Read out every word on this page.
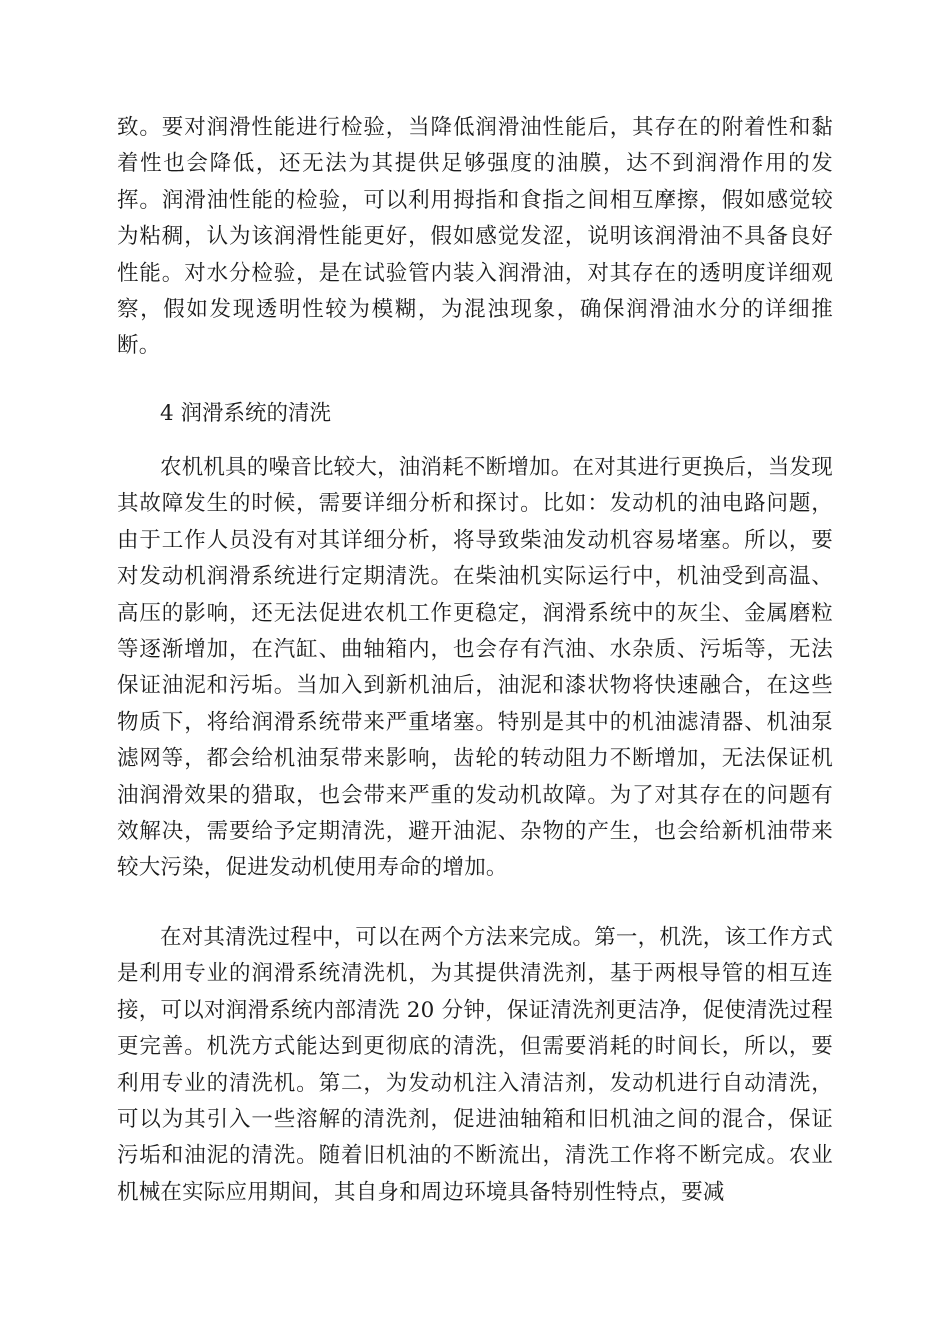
致。要对润滑性能进行检验，当降低润滑油性能后，其存在的附着性和黏着性也会降低，还无法为其提供足够强度的油膜，达不到润滑作用的发挥。润滑油性能的检验，可以利用拇指和食指之间相互摩擦，假如感觉较为粘稠，认为该润滑性能更好，假如感觉发涩，说明该润滑油不具备良好性能。对水分检验，是在试验管内装入润滑油，对其存在的透明度详细观察，假如发现透明性较为模糊，为混浊现象，确保润滑油水分的详细推断。

4 润滑系统的清洗

农机机具的噪音比较大，油消耗不断增加。在对其进行更换后，当发现其故障发生的时候，需要详细分析和探讨。比如：发动机的油电路问题，由于工作人员没有对其详细分析，将导致柴油发动机容易堵塞。所以，要对发动机润滑系统进行定期清洗。在柴油机实际运行中，机油受到高温、高压的影响，还无法促进农机工作更稳定，润滑系统中的灰尘、金属磨粒等逐渐增加，在汽缸、曲轴箱内，也会存有汽油、水杂质、污垢等，无法保证油泥和污垢。当加入到新机油后，油泥和漆状物将快速融合，在这些物质下，将给润滑系统带来严重堵塞。特别是其中的机油滤清器、机油泵滤网等，都会给机油泵带来影响，齿轮的转动阻力不断增加，无法保证机油润滑效果的猎取，也会带来严重的发动机故障。为了对其存在的问题有效解决，需要给予定期清洗，避开油泥、杂物的产生，也会给新机油带来较大污染，促进发动机使用寿命的增加。

在对其清洗过程中，可以在两个方法来完成。第一，机洗，该工作方式是利用专业的润滑系统清洗机，为其提供清洗剂，基于两根导管的相互连接，可以对润滑系统内部清洗 20 分钟，保证清洗剂更洁净，促使清洗过程更完善。机洗方式能达到更彻底的清洗，但需要消耗的时间长，所以，要利用专业的清洗机。第二，为发动机注入清洁剂，发动机进行自动清洗，可以为其引入一些溶解的清洗剂，促进油轴箱和旧机油之间的混合，保证污垢和油泥的清洗。随着旧机油的不断流出，清洗工作将不断完成。农业机械在实际应用期间，其自身和周边环境具备特别性特点，要减
